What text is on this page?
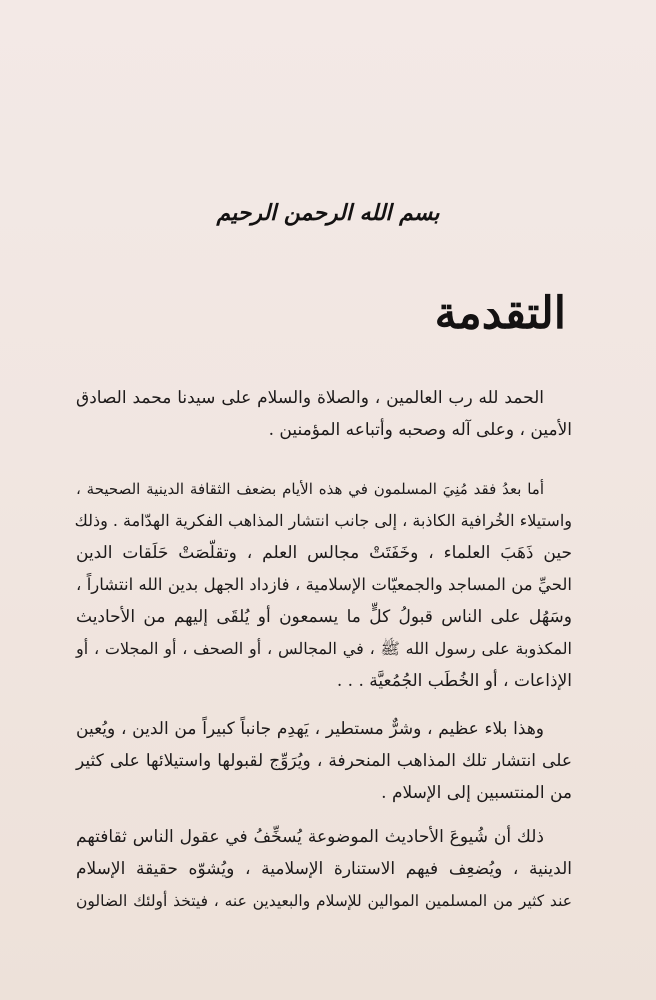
بسم الله الرحمن الرحيم
التقدمة

الحمد لله رب العالمين ، والصلاة والسلام على سيدنا محمد الصادق
الأمين ، وعلى آله وصحبه وأتباعه المؤمنين .

أما بعدُ فقد مُنِيَ المسلمون في هذه الأيام بضعف الثقافة الدينية الصحيحة ،
واستيلاء الخُرافية الكاذبة ، إلى جانب انتشار المذاهب الفكرية الهدّامة . وذلك
حين ذَهَبَ العلماء ، وخَفَتَتْ مجالس العلم ، وتقلّصَتْ حَلَقات الدين
الحيِّ من المساجد والجمعيّات الإسلامية ، فازداد الجهل بدين الله انتشاراً ،
وسَهُل على الناس قبولُ كلٍّ ما يسمعون أو يُلقَى إليهم من الأحاديث
المكذوبة على رسول الله ﷺ ، في المجالس ، أو الصحف ، أو المجلات ، أو
الإذاعات ، أو الخُطَب الجُمُعيَّة . . .

وهذا بلاء عظيم ، وشرٌّ مستطير ، يَهدِم جانباً كبيراً من الدين ، ويُعين
على انتشار تلك المذاهب المنحرفة ، ويُرَوِّج لقبولها واستيلائها على كثير
من المنتسبين إلى الإسلام .

ذلك أن شُيوعَ الأحاديث الموضوعة يُسخِّفُ في عقول الناس ثقافتهم
الدينية ، ويُضعِف فيهم الاستنارة الإسلامية ، ويُشوّه حقيقة الإسلام
عند كثير من المسلمين الموالين للإسلام والبعيدين عنه ، فيتخذ أولئك الضالون
